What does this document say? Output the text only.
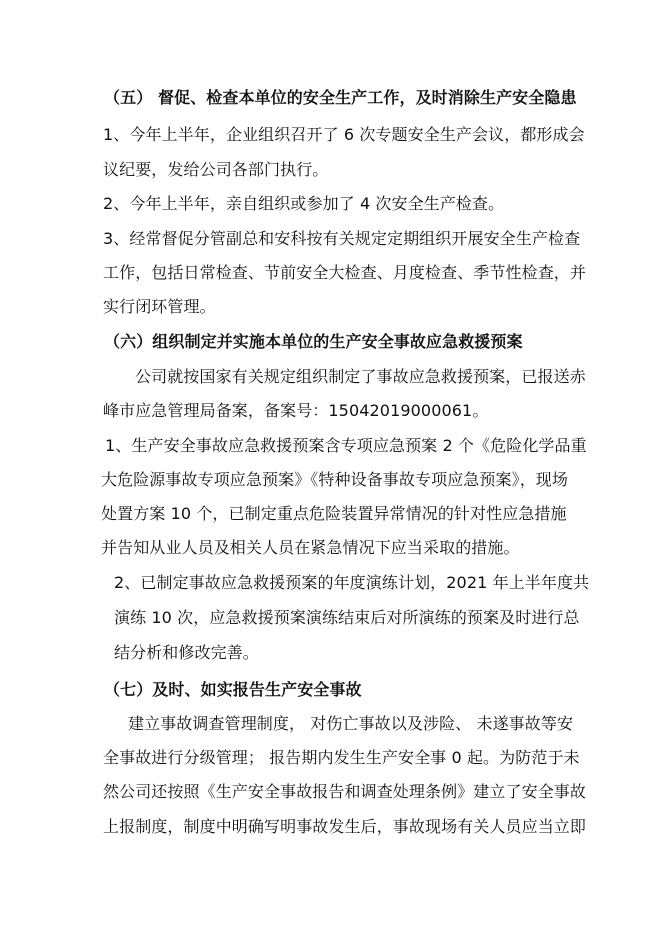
（五） 督促、检查本单位的安全生产工作，及时消除生产安全隐患
1、今年上半年，企业组织召开了 6 次专题安全生产会议，都形成会
议纪要，发给公司各部门执行。
2、今年上半年，亲自组织或参加了 4 次安全生产检查。
3、经常督促分管副总和安科按有关规定定期组织开展安全生产检查
工作，包括日常检查、节前安全大检查、月度检查、季节性检查，并
实行闭环管理。
（六）组织制定并实施本单位的生产安全事故应急救援预案
公司就按国家有关规定组织制定了事故应急救援预案，已报送赤
峰市应急管理局备案，备案号：15042019000061。
1、生产安全事故应急救援预案含专项应急预案 2 个《危险化学品重
大危险源事故专项应急预案》《特种设备事故专项应急预案》，现场
处置方案 10 个，已制定重点危险装置异常情况的针对性应急措施
并告知从业人员及相关人员在紧急情况下应当采取的措施。
2、已制定事故应急救援预案的年度演练计划，2021 年上半年度共
演练 10 次，应急救援预案演练结束后对所演练的预案及时进行总
结分析和修改完善。
（七）及时、如实报告生产安全事故
建立事故调查管理制度， 对伤亡事故以及涉险、 未遂事故等安
全事故进行分级管理； 报告期内发生生产安全事 0 起。为防范于未
然公司还按照《生产安全事故报告和调查处理条例》建立了安全事故
上报制度，制度中明确写明事故发生后，事故现场有关人员应当立即
